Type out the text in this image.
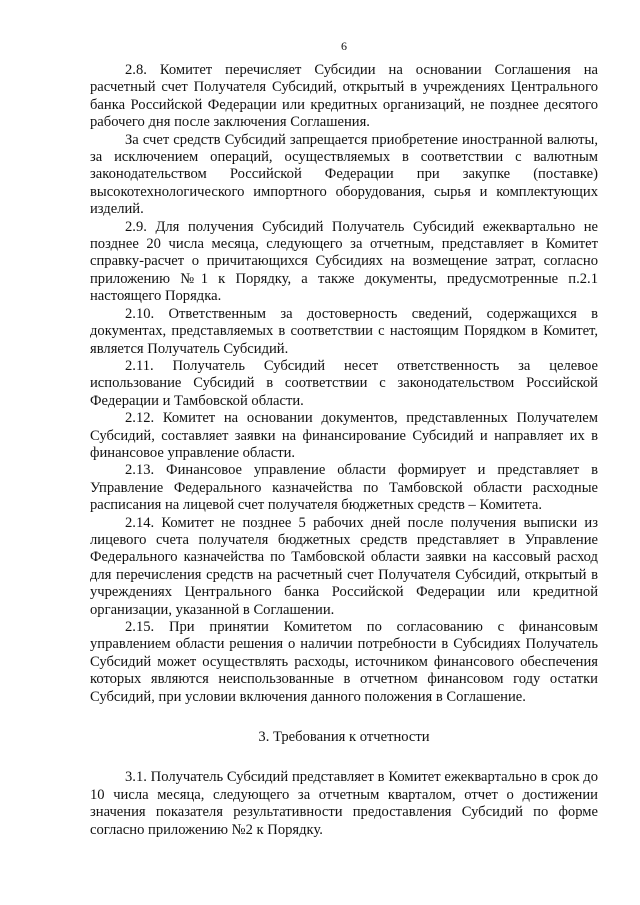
6

2.8. Комитет перечисляет Субсидии на основании Соглашения на расчетный счет Получателя Субсидий, открытый в учреждениях Центрального банка Российской Федерации или кредитных организаций, не позднее десятого рабочего дня после заключения Соглашения.

За счет средств Субсидий запрещается приобретение иностранной валюты, за исключением операций, осуществляемых в соответствии с валютным законодательством Российской Федерации при закупке (поставке) высокотехнологического импортного оборудования, сырья и комплектующих изделий.

2.9. Для получения Субсидий Получатель Субсидий ежеквартально не позднее 20 числа месяца, следующего за отчетным, представляет в Комитет справку-расчет о причитающихся Субсидиях на возмещение затрат, согласно приложению №1 к Порядку, а также документы, предусмотренные п.2.1 настоящего Порядка.

2.10. Ответственным за достоверность сведений, содержащихся в документах, представляемых в соответствии с настоящим Порядком в Комитет, является Получатель Субсидий.

2.11. Получатель Субсидий несет ответственность за целевое использование Субсидий в соответствии с законодательством Российской Федерации и Тамбовской области.

2.12. Комитет на основании документов, представленных Получателем Субсидий, составляет заявки на финансирование Субсидий и направляет их в финансовое управление области.

2.13. Финансовое управление области формирует и представляет в Управление Федерального казначейства по Тамбовской области расходные расписания на лицевой счет получателя бюджетных средств – Комитета.

2.14. Комитет не позднее 5 рабочих дней после получения выписки из лицевого счета получателя бюджетных средств представляет в Управление Федерального казначейства по Тамбовской области заявки на кассовый расход для перечисления средств на расчетный счет Получателя Субсидий, открытый в учреждениях Центрального банка Российской Федерации или кредитной организации, указанной в Соглашении.

2.15. При принятии Комитетом по согласованию с финансовым управлением области решения о наличии потребности в Субсидиях Получатель Субсидий может осуществлять расходы, источником финансового обеспечения которых являются неиспользованные в отчетном финансовом году остатки Субсидий, при условии включения данного положения в Соглашение.

3. Требования к отчетности

3.1. Получатель Субсидий представляет в Комитет ежеквартально в срок до 10 числа месяца, следующего за отчетным кварталом, отчет о достижении значения показателя результативности предоставления Субсидий по форме согласно приложению №2 к Порядку.
